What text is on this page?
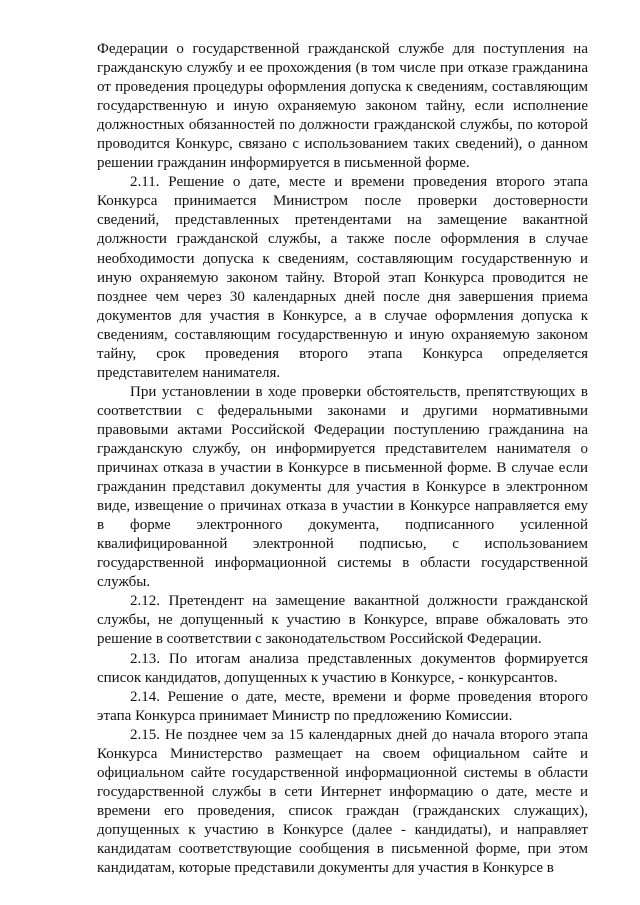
Федерации о государственной гражданской службе для поступления на гражданскую службу и ее прохождения (в том числе при отказе гражданина от проведения процедуры оформления допуска к сведениям, составляющим государственную и иную охраняемую законом тайну, если исполнение должностных обязанностей по должности гражданской службы, по которой проводится Конкурс, связано с использованием таких сведений), о данном решении гражданин информируется в письменной форме.

2.11. Решение о дате, месте и времени проведения второго этапа Конкурса принимается Министром после проверки достоверности сведений, представленных претендентами на замещение вакантной должности гражданской службы, а также после оформления в случае необходимости допуска к сведениям, составляющим государственную и иную охраняемую законом тайну. Второй этап Конкурса проводится не позднее чем через 30 календарных дней после дня завершения приема документов для участия в Конкурсе, а в случае оформления допуска к сведениям, составляющим государственную и иную охраняемую законом тайну, срок проведения второго этапа Конкурса определяется представителем нанимателя.

При установлении в ходе проверки обстоятельств, препятствующих в соответствии с федеральными законами и другими нормативными правовыми актами Российской Федерации поступлению гражданина на гражданскую службу, он информируется представителем нанимателя о причинах отказа в участии в Конкурсе в письменной форме. В случае если гражданин представил документы для участия в Конкурсе в электронном виде, извещение о причинах отказа в участии в Конкурсе направляется ему в форме электронного документа, подписанного усиленной квалифицированной электронной подписью, с использованием государственной информационной системы в области государственной службы.

2.12. Претендент на замещение вакантной должности гражданской службы, не допущенный к участию в Конкурсе, вправе обжаловать это решение в соответствии с законодательством Российской Федерации.

2.13. По итогам анализа представленных документов формируется список кандидатов, допущенных к участию в Конкурсе, - конкурсантов.

2.14. Решение о дате, месте, времени и форме проведения второго этапа Конкурса принимает Министр по предложению Комиссии.

2.15. Не позднее чем за 15 календарных дней до начала второго этапа Конкурса Министерство размещает на своем официальном сайте и официальном сайте государственной информационной системы в области государственной службы в сети Интернет информацию о дате, месте и времени его проведения, список граждан (гражданских служащих), допущенных к участию в Конкурсе (далее - кандидаты), и направляет кандидатам соответствующие сообщения в письменной форме, при этом кандидатам, которые представили документы для участия в Конкурсе в
